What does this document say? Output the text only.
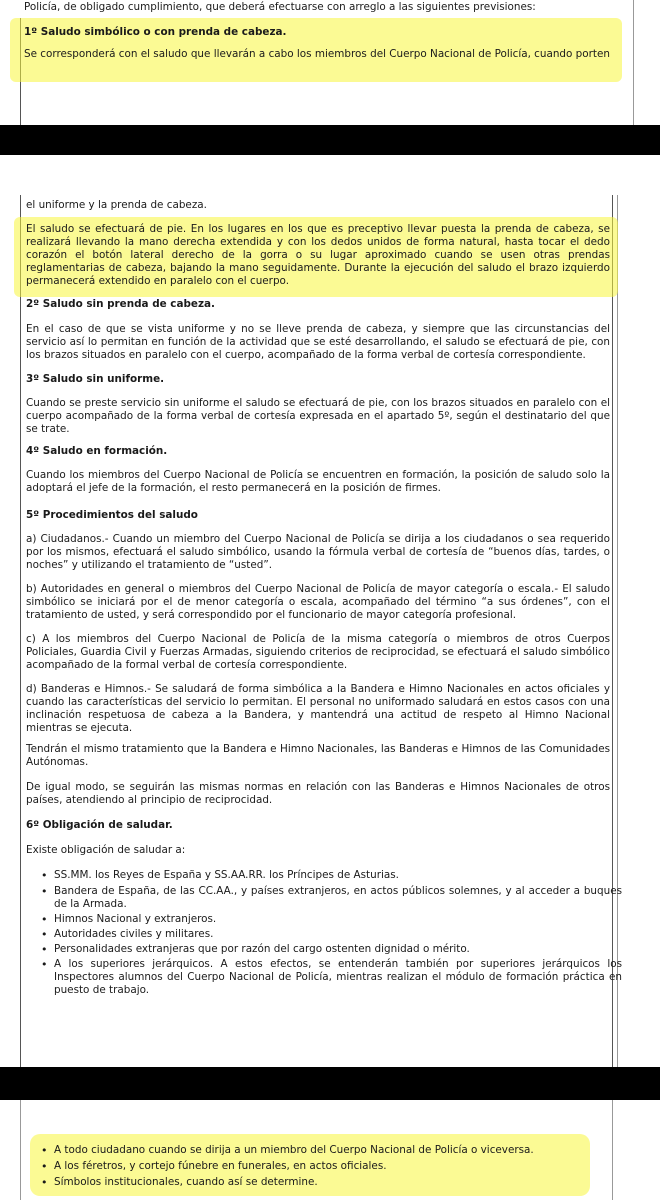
Policía, de obligado cumplimiento, que deberá efectuarse con arreglo a las siguientes previsiones:

1º Saludo simbólico o con prenda de cabeza.

Se corresponderá con el saludo que llevarán a cabo los miembros del Cuerpo Nacional de Policía, cuando porten

el uniforme y la prenda de cabeza.

El saludo se efectuará de pie. En los lugares en los que es preceptivo llevar puesta la prenda de cabeza, se realizará llevando la mano derecha extendida y con los dedos unidos de forma natural, hasta tocar el dedo corazón el botón lateral derecho de la gorra o su lugar aproximado cuando se usen otras prendas reglamentarias de cabeza, bajando la mano seguidamente. Durante la ejecución del saludo el brazo izquierdo permanecerá extendido en paralelo con el cuerpo.

2º Saludo sin prenda de cabeza.

En el caso de que se vista uniforme y no se lleve prenda de cabeza, y siempre que las circunstancias del servicio así lo permitan en función de la actividad que se esté desarrollando, el saludo se efectuará de pie, con los brazos situados en paralelo con el cuerpo, acompañado de la forma verbal de cortesía correspondiente.

3º Saludo sin uniforme.

Cuando se preste servicio sin uniforme el saludo se efectuará de pie, con los brazos situados en paralelo con el cuerpo acompañado de la forma verbal de cortesía expresada en el apartado 5º, según el destinatario del que se trate.

4º Saludo en formación.

Cuando los miembros del Cuerpo Nacional de Policía se encuentren en formación, la posición de saludo solo la adoptará el jefe de la formación, el resto permanecerá en la posición de firmes.

5º Procedimientos del saludo

a) Ciudadanos.- Cuando un miembro del Cuerpo Nacional de Policía se dirija a los ciudadanos o sea requerido por los mismos, efectuará el saludo simbólico, usando la fórmula verbal de cortesía de “buenos días, tardes, o noches” y utilizando el tratamiento de “usted”.

b) Autoridades en general o miembros del Cuerpo Nacional de Policía de mayor categoría o escala.- El saludo simbólico se iniciará por el de menor categoría o escala, acompañado del término “a sus órdenes”, con el tratamiento de usted, y será correspondido por el funcionario de mayor categoría profesional.

c) A los miembros del Cuerpo Nacional de Policía de la misma categoría o miembros de otros Cuerpos Policiales, Guardia Civil y Fuerzas Armadas, siguiendo criterios de reciprocidad, se efectuará el saludo simbólico acompañado de la formal verbal de cortesía correspondiente.

d) Banderas e Himnos.- Se saludará de forma simbólica a la Bandera e Himno Nacionales en actos oficiales y cuando las características del servicio lo permitan. El personal no uniformado saludará en estos casos con una inclinación respetuosa de cabeza a la Bandera, y mantendrá una actitud de respeto al Himno Nacional mientras se ejecuta.

Tendrán el mismo tratamiento que la Bandera e Himno Nacionales, las Banderas e Himnos de las Comunidades Autónomas.

De igual modo, se seguirán las mismas normas en relación con las Banderas e Himnos Nacionales de otros países, atendiendo al principio de reciprocidad.

6º Obligación de saludar.

Existe obligación de saludar a:

• SS.MM. los Reyes de España y SS.AA.RR. los Príncipes de Asturias.

• Bandera de España, de las CC.AA., y países extranjeros, en actos públicos solemnes, y al acceder a buques de la Armada.

• Himnos Nacional y extranjeros.

• Autoridades civiles y militares.

• Personalidades extranjeras que por razón del cargo ostenten dignidad o mérito.

• A los superiores jerárquicos. A estos efectos, se entenderán también por superiores jerárquicos los Inspectores alumnos del Cuerpo Nacional de Policía, mientras realizan el módulo de formación práctica en puesto de trabajo.

• A todo ciudadano cuando se dirija a un miembro del Cuerpo Nacional de Policía o viceversa.

• A los féretros, y cortejo fúnebre en funerales, en actos oficiales.

• Símbolos institucionales, cuando así se determine.
